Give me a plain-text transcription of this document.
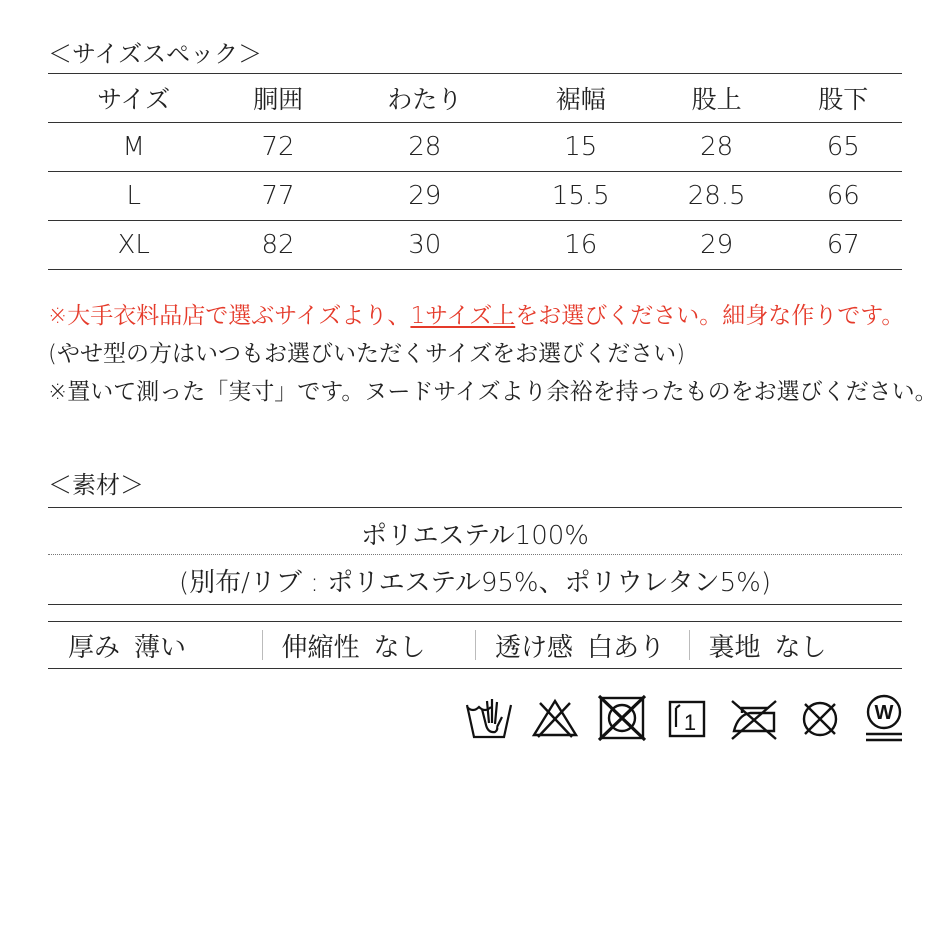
＜サイズスペック＞
サイズ	胴囲	わたり	裾幅	股上	股下
M	72	28	15	28	65
L	77	29	15.5	28.5	66
XL	82	30	16	29	67
※大手衣料品店で選ぶサイズより、1サイズ上をお選びください。細身な作りです。
(やせ型の方はいつもお選びいただくサイズをお選びください)
※置いて測った「実寸」です。ヌードサイズより余裕を持ったものをお選びください。
＜素材＞
ポリエステル100%
(別布/リブ : ポリエステル95%、ポリウレタン5%)
厚み 薄い	伸縮性 なし	透け感 白あり 裏地 なし
1	W
